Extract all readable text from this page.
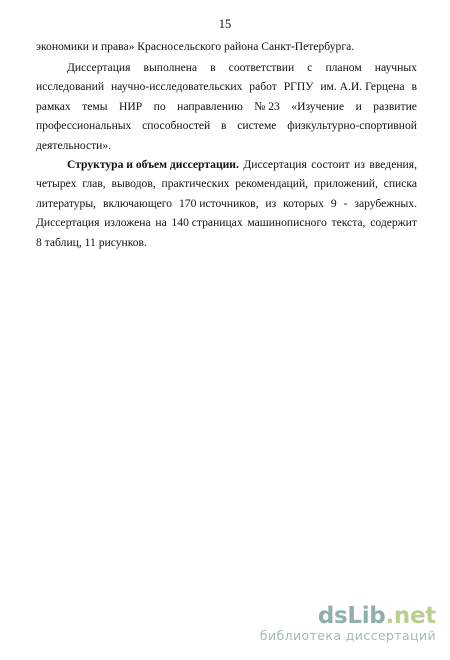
15
экономики и права» Красносельского района Санкт-Петербурга.
Диссертация выполнена в соответствии с планом научных
исследований научно-исследовательских работ РГПУ им. А.И. Герцена в
рамках темы НИР по направлению № 23 «Изучение и развитие
профессиональных способностей в системе физкультурно-спортивной
деятельности».
Структура и объем диссертации. Диссертация состоит из введения,
четырех глав, выводов, практических рекомендаций, приложений, списка
литературы, включающего 170 источников, из которых 9 - зарубежных.
Диссертация изложена на 140 страницах машинописного текста, содержит
8 таблиц, 11 рисунков.
dsLib.net
библиотека диссертаций
